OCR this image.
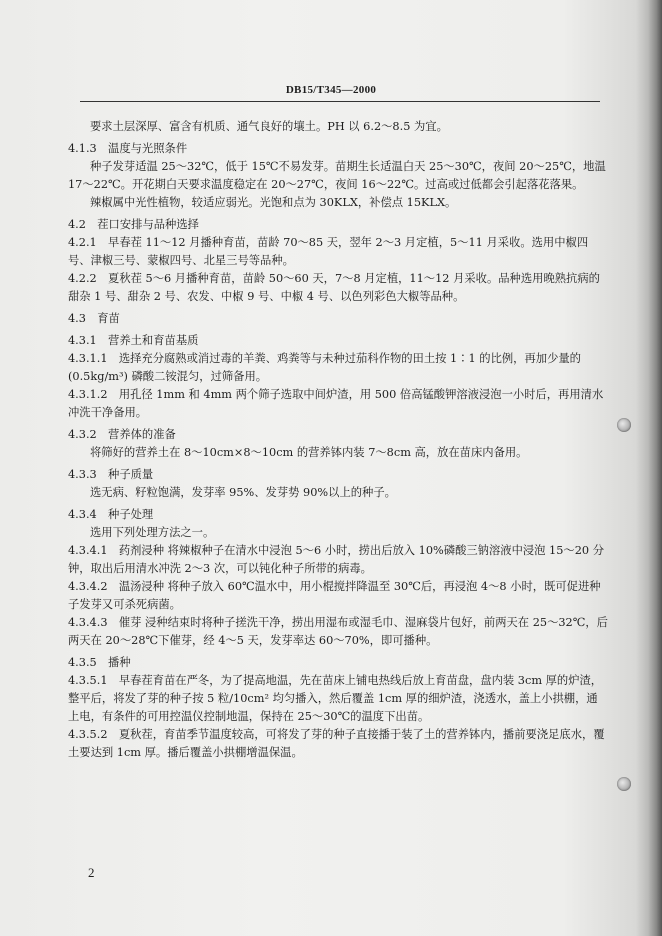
DB15/T345—2000

要求土层深厚、富含有机质、通气良好的壤土。PH 以 6.2～8.5 为宜。

4.1.3　温度与光照条件

种子发芽适温 25～32℃，低于 15℃不易发芽。苗期生长适温白天 25～30℃，夜间 20～25℃，地温 17～22℃。开花期白天要求温度稳定在 20～27℃，夜间 16～22℃。过高或过低都会引起落花落果。

辣椒属中光性植物，较适应弱光。光饱和点为 30KLX，补偿点 15KLX。

4.2　茬口安排与品种选择

4.2.1　早春茬 11～12 月播种育苗，苗龄 70～85 天，翌年 2～3 月定植，5～11 月采收。选用中椒四号、津椒三号、蒙椒四号、北星三号等品种。

4.2.2　夏秋茬 5～6 月播种育苗，苗龄 50～60 天，7～8 月定植，11～12 月采收。品种选用晚熟抗病的甜杂 1 号、甜杂 2 号、农发、中椒 9 号、中椒 4 号、以色列彩色大椒等品种。

4.3　育苗

4.3.1　营养土和育苗基质

4.3.1.1　选择充分腐熟或消过毒的羊粪、鸡粪等与未种过茄科作物的田土按 1∶1 的比例，再加少量的 (0.5kg/m³) 磷酸二铵混匀，过筛备用。

4.3.1.2　用孔径 1mm 和 4mm 两个筛子选取中间炉渣，用 500 倍高锰酸钾溶液浸泡一小时后，再用清水冲洗干净备用。

4.3.2　营养体的准备

将筛好的营养土在 8～10cm×8～10cm 的营养钵内装 7～8cm 高，放在苗床内备用。

4.3.3　种子质量

选无病、籽粒饱满，发芽率 95%、发芽势 90%以上的种子。

4.3.4　种子处理

选用下列处理方法之一。

4.3.4.1　药剂浸种 将辣椒种子在清水中浸泡 5～6 小时，捞出后放入 10%磷酸三钠溶液中浸泡 15～20 分钟，取出后用清水冲洗 2～3 次，可以钝化种子所带的病毒。

4.3.4.2　温汤浸种 将种子放入 60℃温水中，用小棍搅拌降温至 30℃后，再浸泡 4～8 小时，既可促进种子发芽又可杀死病菌。

4.3.4.3　催芽 浸种结束时将种子搓洗干净，捞出用湿布或湿毛巾、湿麻袋片包好，前两天在 25～32℃，后两天在 20～28℃下催芽，经 4～5 天，发芽率达 60～70%，即可播种。

4.3.5　播种

4.3.5.1　早春茬育苗在严冬，为了提高地温，先在苗床上铺电热线后放上育苗盘，盘内装 3cm 厚的炉渣，整平后，将发了芽的种子按 5 粒/10cm² 均匀播入，然后覆盖 1cm 厚的细炉渣，浇透水，盖上小拱棚，通上电，有条件的可用控温仪控制地温，保持在 25～30℃的温度下出苗。

4.3.5.2　夏秋茬，育苗季节温度较高，可将发了芽的种子直接播于装了土的营养钵内，播前要浇足底水，覆土要达到 1cm 厚。播后覆盖小拱棚增温保温。

2
